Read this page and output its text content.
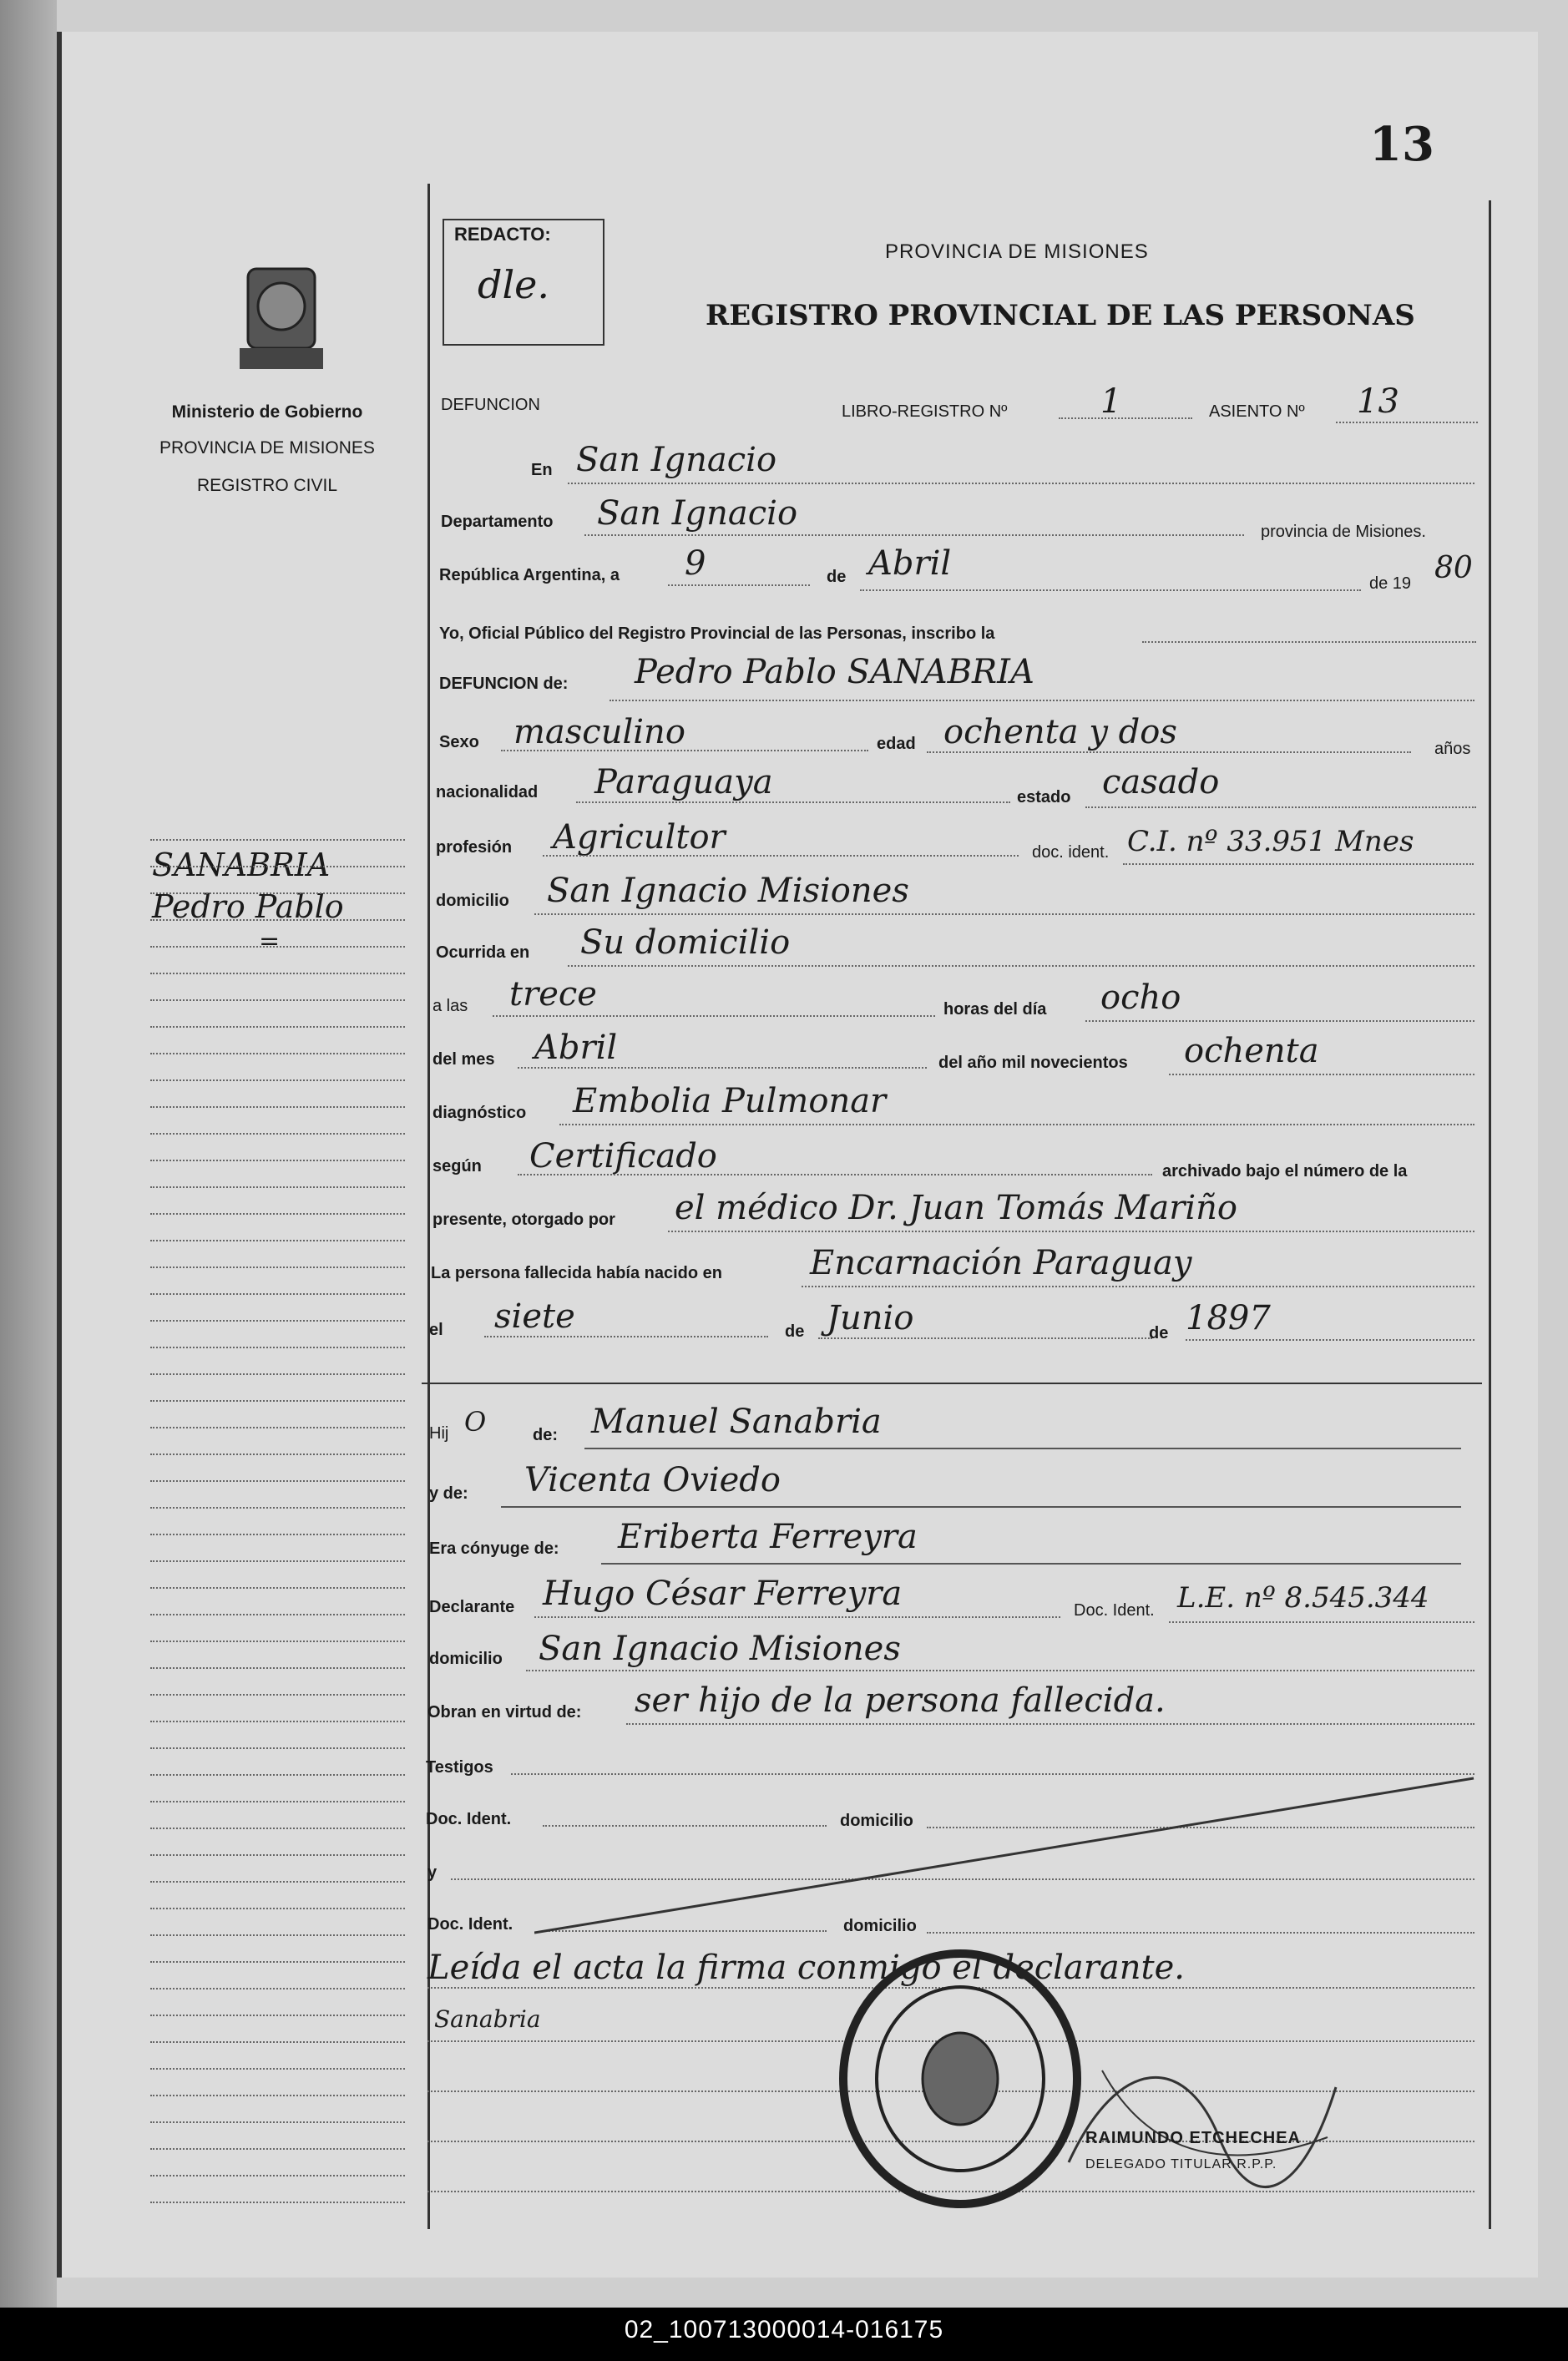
13
Ministerio de Gobierno
PROVINCIA DE MISIONES
REGISTRO CIVIL
SANABRIA
Pedro Pablo
=
REDACTO:
dle.
PROVINCIA DE MISIONES
REGISTRO PROVINCIAL DE LAS PERSONAS
DEFUNCION	LIBRO-REGISTRO Nº	1	ASIENTO Nº 13
En San Ignacio
Departamento San Ignacio	provincia de Misiones.
República Argentina, a 9	de Abril
de 19 80
Yo, Oficial Público del Registro Provincial de las Personas, inscribo la
DEFUNCION de: Pedro Pablo SANABRIA
Sexo masculino	edad ochenta y dos	años
nacionalidad Paraguaya	estado casado
profesión Agricultor	doc. ident. C.I. nº 33.951 Mnes
domicilio San Ignacio Misiones
Ocurrida en Su domicilio
a las trece	horas del día ocho
del mes Abril	del año mil novecientos ochenta
diagnóstico Embolia Pulmonar
según Certificado	archivado bajo el número de la
presente, otorgado por el médico Dr. Juan Tomás Mariño
La persona fallecida había nacido en	Encarnación Paraguay
el siete	de Junio	de 1897
Hij O	de: Manuel Sanabria
y de: Vicenta Oviedo
Era cónyuge de: Eriberta Ferreyra
Declarante Hugo César Ferreyra	Doc. Ident. L.E. nº 8.545.344
domicilio San Ignacio Misiones
Obran en virtud de: ser hijo de la persona fallecida.
Testigos
Doc. Ident.	domicilio
y
Doc. Ident.	domicilio
Leída el acta la firma conmigo el declarante.
Sanabria
RAIMUNDO ETCHECHEA
DELEGADO TITULAR R.P.P.
02_100713000014-016175
